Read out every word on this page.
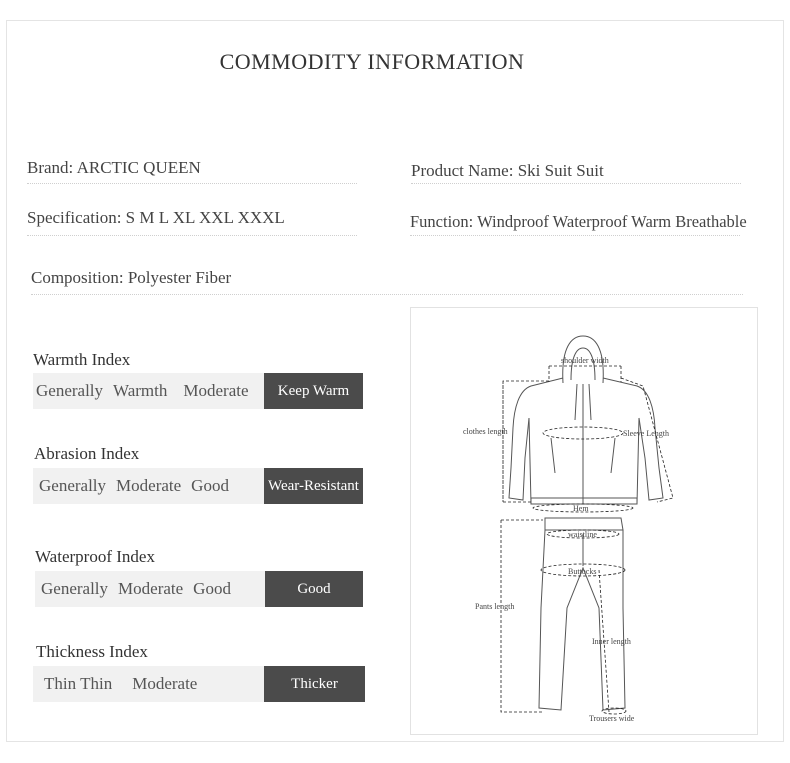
COMMODITY INFORMATION
Brand: ARCTIC QUEEN	Product Name: Ski Suit Suit
Specification: S M L XL XXL XXXL	Function: Windproof Waterproof Warm Breathable
Composition: Polyester Fiber
Warmth Index
Generally Warmth Moderate	Keep Warm
Abrasion Index
Generally Moderate Good	Wear-Resistant
Waterproof Index
Generally Moderate Good	Good
Thickness Index
Thin Thin Moderate	Thicker
shoulder width
clothes length	Sleeve Length
Hem
waistline
Buttocks
Pants length
Inner length
Trousers wide
